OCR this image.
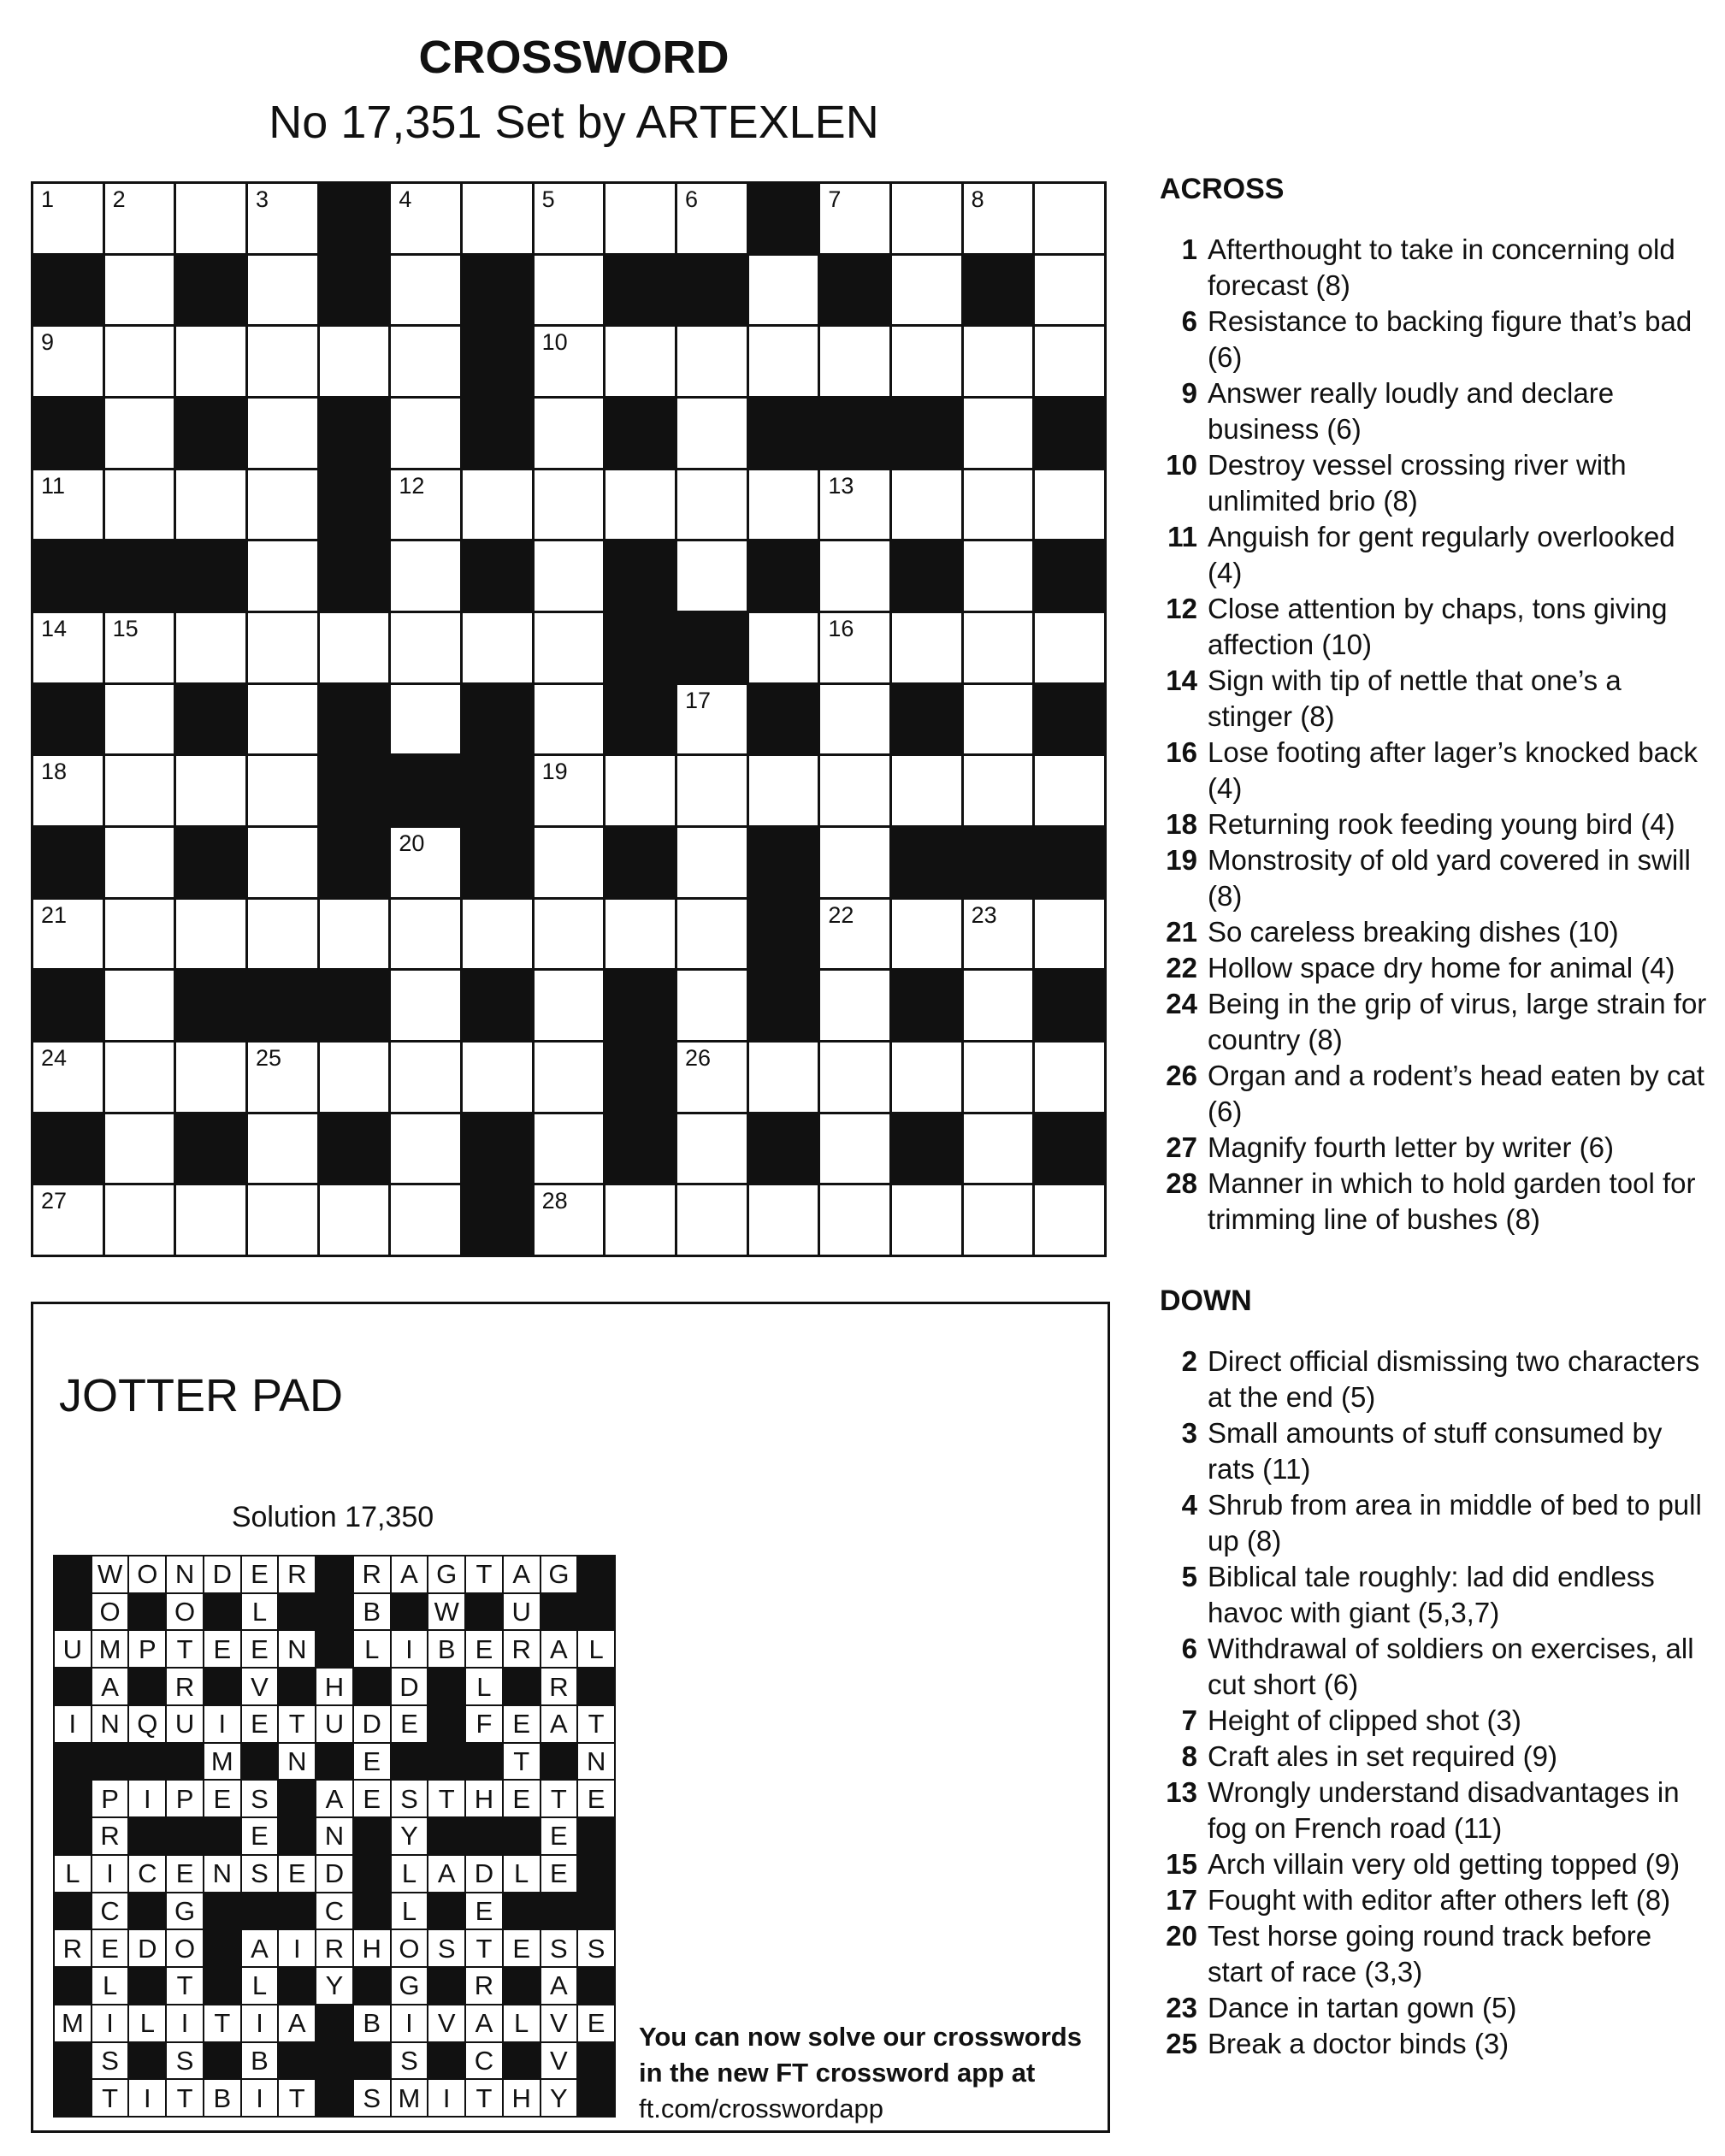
CROSSWORD
No 17,351 Set by ARTEXLEN
1	2	3	4	5	6	7	8
9	10
11	12	13
14 15	16
17
18	19
20
21	22	23
24	25	26
27	28
ACROSS
1 Afterthought to take in concerning old forecast (8)
6 Resistance to backing figure that’s bad (6)
9 Answer really loudly and declare business (6)
10 Destroy vessel crossing river with unlimited brio (8)
11 Anguish for gent regularly overlooked (4)
12 Close attention by chaps, tons giving affection (10)
14 Sign with tip of nettle that one’s a stinger (8)
16 Lose footing after lager’s knocked back (4)
18 Returning rook feeding young bird (4)
19 Monstrosity of old yard covered in swill (8)
21 So careless breaking dishes (10)
22 Hollow space dry home for animal (4)
24 Being in the grip of virus, large strain for country (8)
26 Organ and a rodent’s head eaten by cat (6)
27 Magnify fourth letter by writer (6)
28 Manner in which to hold garden tool for trimming line of bushes (8)
DOWN
2 Direct official dismissing two characters at the end (5)
3 Small amounts of stuff consumed by rats (11)
4 Shrub from area in middle of bed to pull up (8)
5 Biblical tale roughly: lad did endless havoc with giant (5,3,7)
6 Withdrawal of soldiers on exercises, all cut short (6)
7 Height of clipped shot (3)
8 Craft ales in set required (9)
13 Wrongly understand disadvantages in fog on French road (11)
15 Arch villain very old getting topped (9)
17 Fought with editor after others left (8)
20 Test horse going round track before start of race (3,3)
23 Dance in tartan gown (5)
25 Break a doctor binds (3)
JOTTER PAD
Solution 17,350
W O N D E R	R A G T A G
O O	L	B	W	U
U M P T E E N	L I B E R A L
A	R	V	H	D	L	R
I N Q U I E T U D E	F E A T
M	N	E	T	N
P I P E S	A E S T H E T E
R	E	N	Y	E
L I C E N S E D	L A D L E
C	G	C	L	E
R E D O	A I R H O S T E S S
L	T	L	Y	G	R	A
M I L I T I A	B I V A L V E
S	S	B	S	C	V
T I T B I T	S M I T H Y
You can now solve our crosswords
in the new FT crossword app at
ft.com/crosswordapp
